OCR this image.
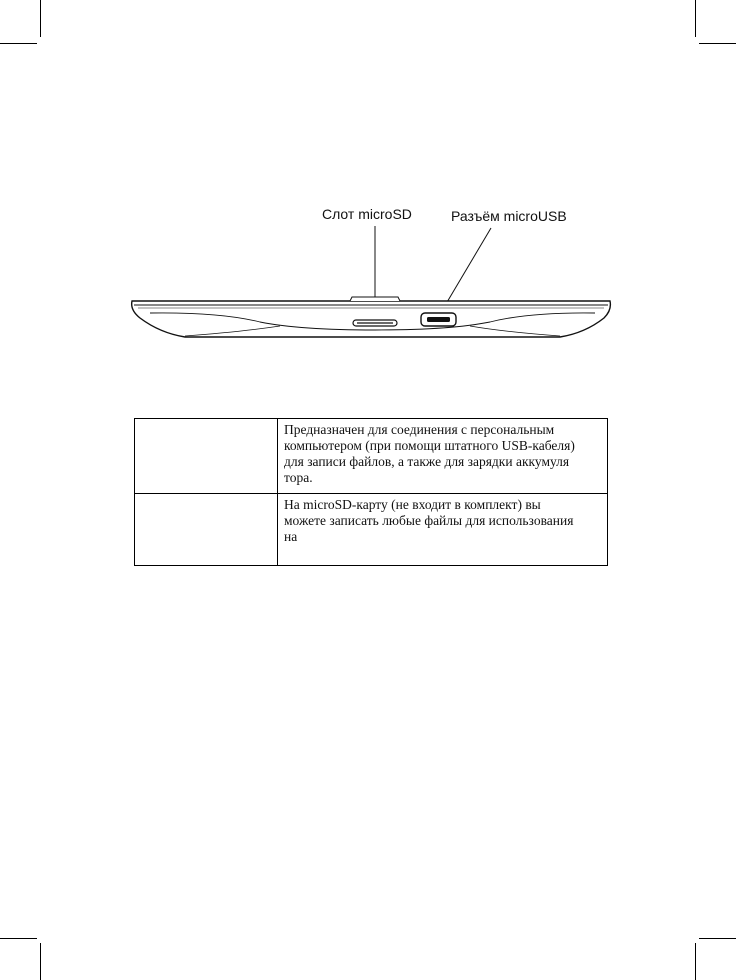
Слот microSD	Разъём microUSB

	Предназначен для соединения с персональным
компьютером (при помощи штатного USB-кабеля)
для записи файлов, а также для зарядки аккумуля
тора.

	На microSD-карту (не входит в комплект) вы
можете записать любые файлы для использования
на
